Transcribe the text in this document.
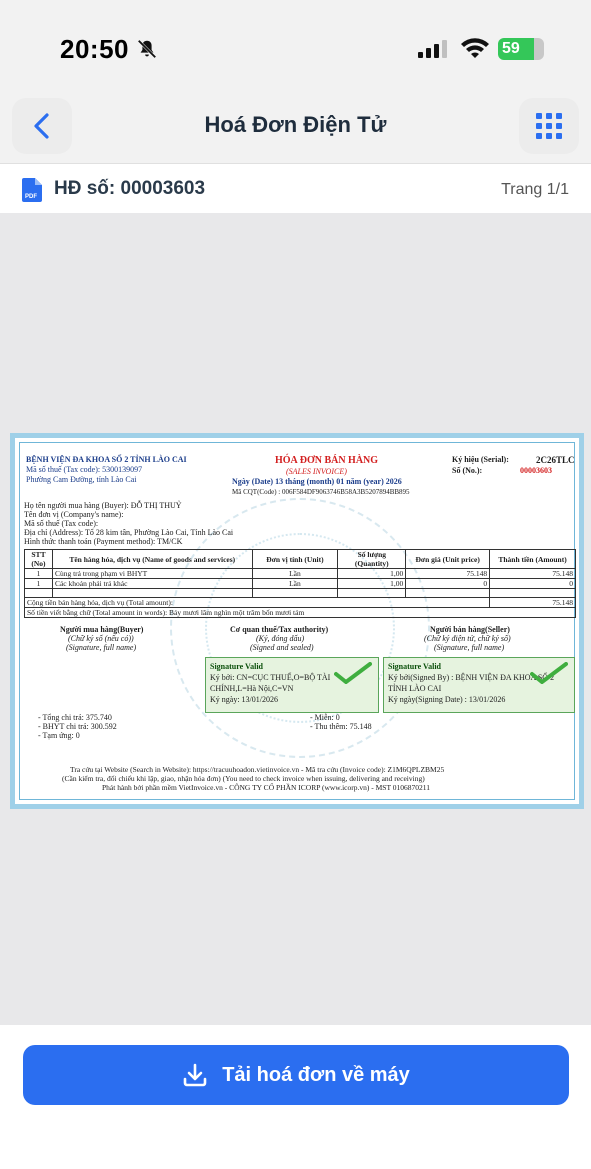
20:50	59
Hoá Đơn Điện Tử
PDF HĐ số: 00003603	Trang 1/1
BỆNH VIỆN ĐA KHOA SỐ 2 TỈNH LÀO CAI
Mã số thuế (Tax code): 5300139097
Phường Cam Đường, tỉnh Lào Cai
HÓA ĐƠN BÁN HÀNG
(SALES INVOICE)
Ngày (Date) 13 tháng (month) 01 năm (year) 2026
Mã CQT(Code) : 006F584DF9063746B58A3B5207894BB895
Ký hiệu (Serial):	2C26TLC
Số (No.):	00003603
Họ tên người mua hàng (Buyer): ĐỖ THỊ THUỶ
Tên đơn vị (Company's name):
Mã số thuế (Tax code):
Địa chỉ (Address): Tổ 28 kim tân, Phường Lào Cai, Tỉnh Lào Cai
Hình thức thanh toán (Payment method): TM/CK
STT (No)	Tên hàng hóa, dịch vụ (Name of goods and services)	Đơn vị tính (Unit)	Số lượng (Quantity)	Đơn giá (Unit price)	Thành tiền (Amount)
1	Cùng trả trong phạm vi BHYT	Lần	1,00	75.148	75.148
1	Các khoản phải trả khác	Lần	1,00	0	0

Cộng tiền bán hàng hóa, dịch vụ (Total amount):					75.148
Số tiền viết bằng chữ (Total amount in words): Bảy mươi lăm nghìn một trăm bốn mươi tám					
Người mua hàng(Buyer)
(Chữ ký số (nếu có))
(Signature, full name)
Cơ quan thuế/Tax authority)
(Ký, đóng dấu)
(Signed and sealed)
Người bán hàng(Seller)
(Chữ ký điện tử, chữ ký số)
(Signature, full name)
Signature Valid
Ký bởi: CN=CỤC THUẾ,O=BỘ TÀI CHÍNH,L=Hà Nội,C=VN
Ký ngày: 13/01/2026
Signature Valid
Ký bởi(Signed By) : BỆNH VIỆN ĐA KHOA SỐ 2 TỈNH LÀO CAI
Ký ngày(Signing Date) : 13/01/2026
- Tổng chi trả: 375.740
- BHYT chi trả: 300.592
- Tạm ứng: 0
- Miễn: 0
- Thu thêm: 75.148
Tra cứu tại Website (Search in Website): https://tracuuhoadon.vietinvoice.vn - Mã tra cứu (Invoice code): Z1M6QPLZBM25
(Cần kiểm tra, đối chiếu khi lập, giao, nhận hóa đơn) (You need to check invoice when issuing, delivering and receiving)
Phát hành bởi phần mềm VietInvoice.vn - CÔNG TY CỔ PHẦN ICORP (www.icorp.vn) - MST 0106870211
Tải hoá đơn về máy
